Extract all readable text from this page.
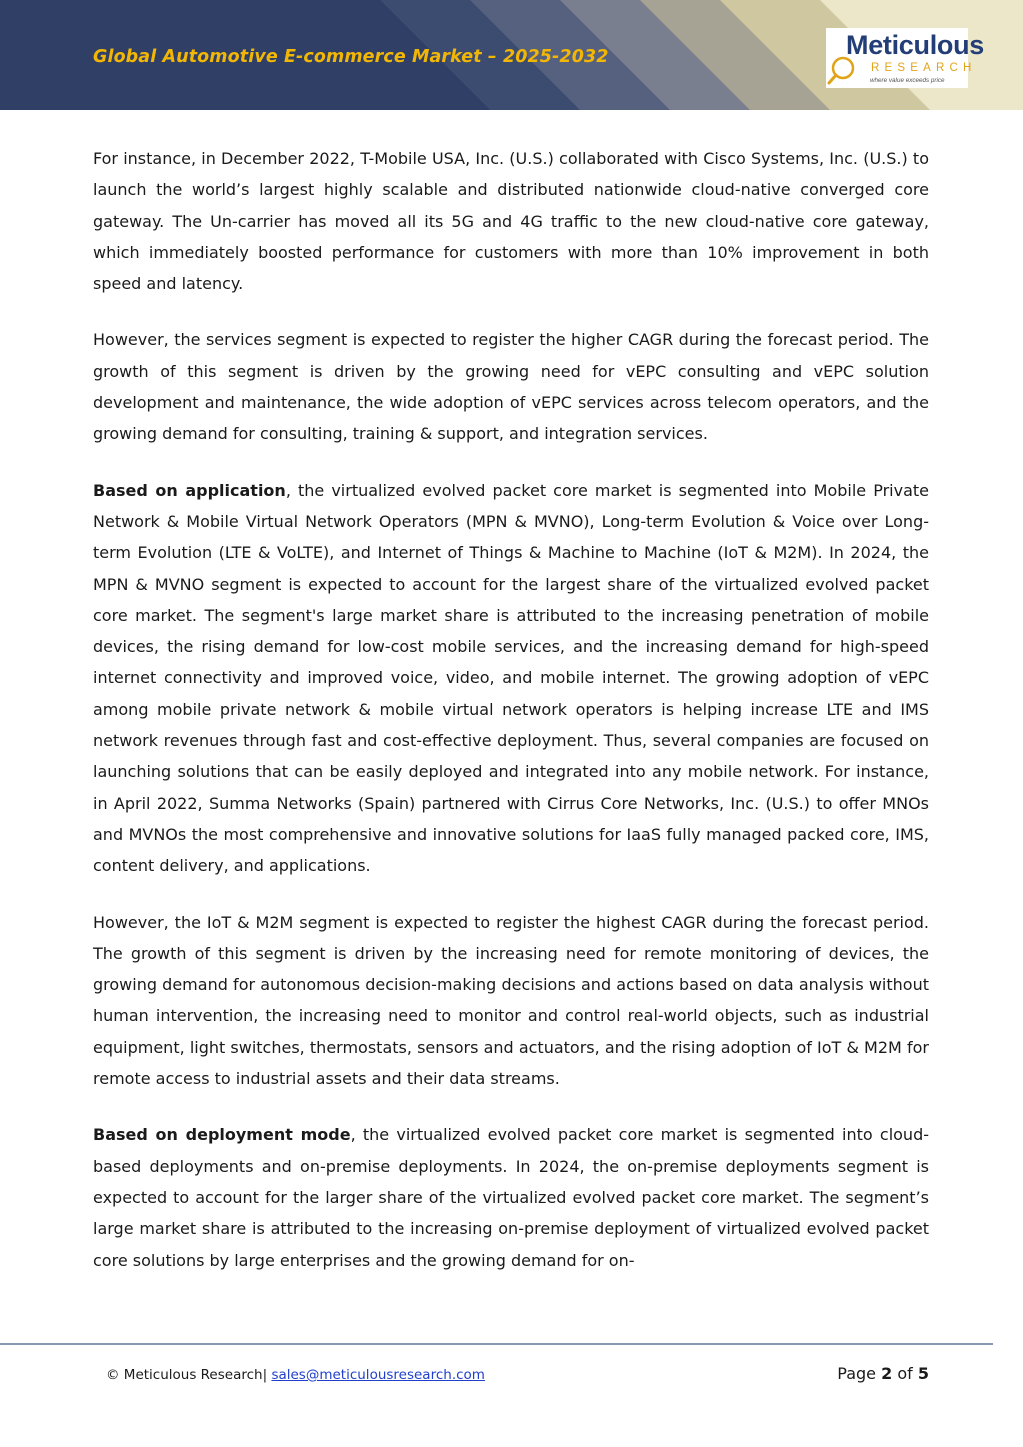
Global Automotive E-commerce Market – 2025-2032	Meticulous
RESEARCH
where value exceeds price

For instance, in December 2022, T-Mobile USA, Inc. (U.S.) collaborated with Cisco Systems, Inc. (U.S.) to launch the world’s largest highly scalable and distributed nationwide cloud-native converged core gateway. The Un-carrier has moved all its 5G and 4G traffic to the new cloud-native core gateway, which immediately boosted performance for customers with more than 10% improvement in both speed and latency.

However, the services segment is expected to register the higher CAGR during the forecast period. The growth of this segment is driven by the growing need for vEPC consulting and vEPC solution development and maintenance, the wide adoption of vEPC services across telecom operators, and the growing demand for consulting, training & support, and integration services.

Based on application, the virtualized evolved packet core market is segmented into Mobile Private Network & Mobile Virtual Network Operators (MPN & MVNO), Long-term Evolution & Voice over Long-term Evolution (LTE & VoLTE), and Internet of Things & Machine to Machine (IoT & M2M). In 2024, the MPN & MVNO segment is expected to account for the largest share of the virtualized evolved packet core market. The segment's large market share is attributed to the increasing penetration of mobile devices, the rising demand for low-cost mobile services, and the increasing demand for high-speed internet connectivity and improved voice, video, and mobile internet. The growing adoption of vEPC among mobile private network & mobile virtual network operators is helping increase LTE and IMS network revenues through fast and cost-effective deployment. Thus, several companies are focused on launching solutions that can be easily deployed and integrated into any mobile network. For instance, in April 2022, Summa Networks (Spain) partnered with Cirrus Core Networks, Inc. (U.S.) to offer MNOs and MVNOs the most comprehensive and innovative solutions for IaaS fully managed packed core, IMS, content delivery, and applications.

However, the IoT & M2M segment is expected to register the highest CAGR during the forecast period. The growth of this segment is driven by the increasing need for remote monitoring of devices, the growing demand for autonomous decision-making decisions and actions based on data analysis without human intervention, the increasing need to monitor and control real-world objects, such as industrial equipment, light switches, thermostats, sensors and actuators, and the rising adoption of IoT & M2M for remote access to industrial assets and their data streams.

Based on deployment mode, the virtualized evolved packet core market is segmented into cloud-based deployments and on-premise deployments. In 2024, the on-premise deployments segment is expected to account for the larger share of the virtualized evolved packet core market. The segment’s large market share is attributed to the increasing on-premise deployment of virtualized evolved packet core solutions by large enterprises and the growing demand for on-

© Meticulous Research| sales@meticulousresearch.com	Page 2 of 5
